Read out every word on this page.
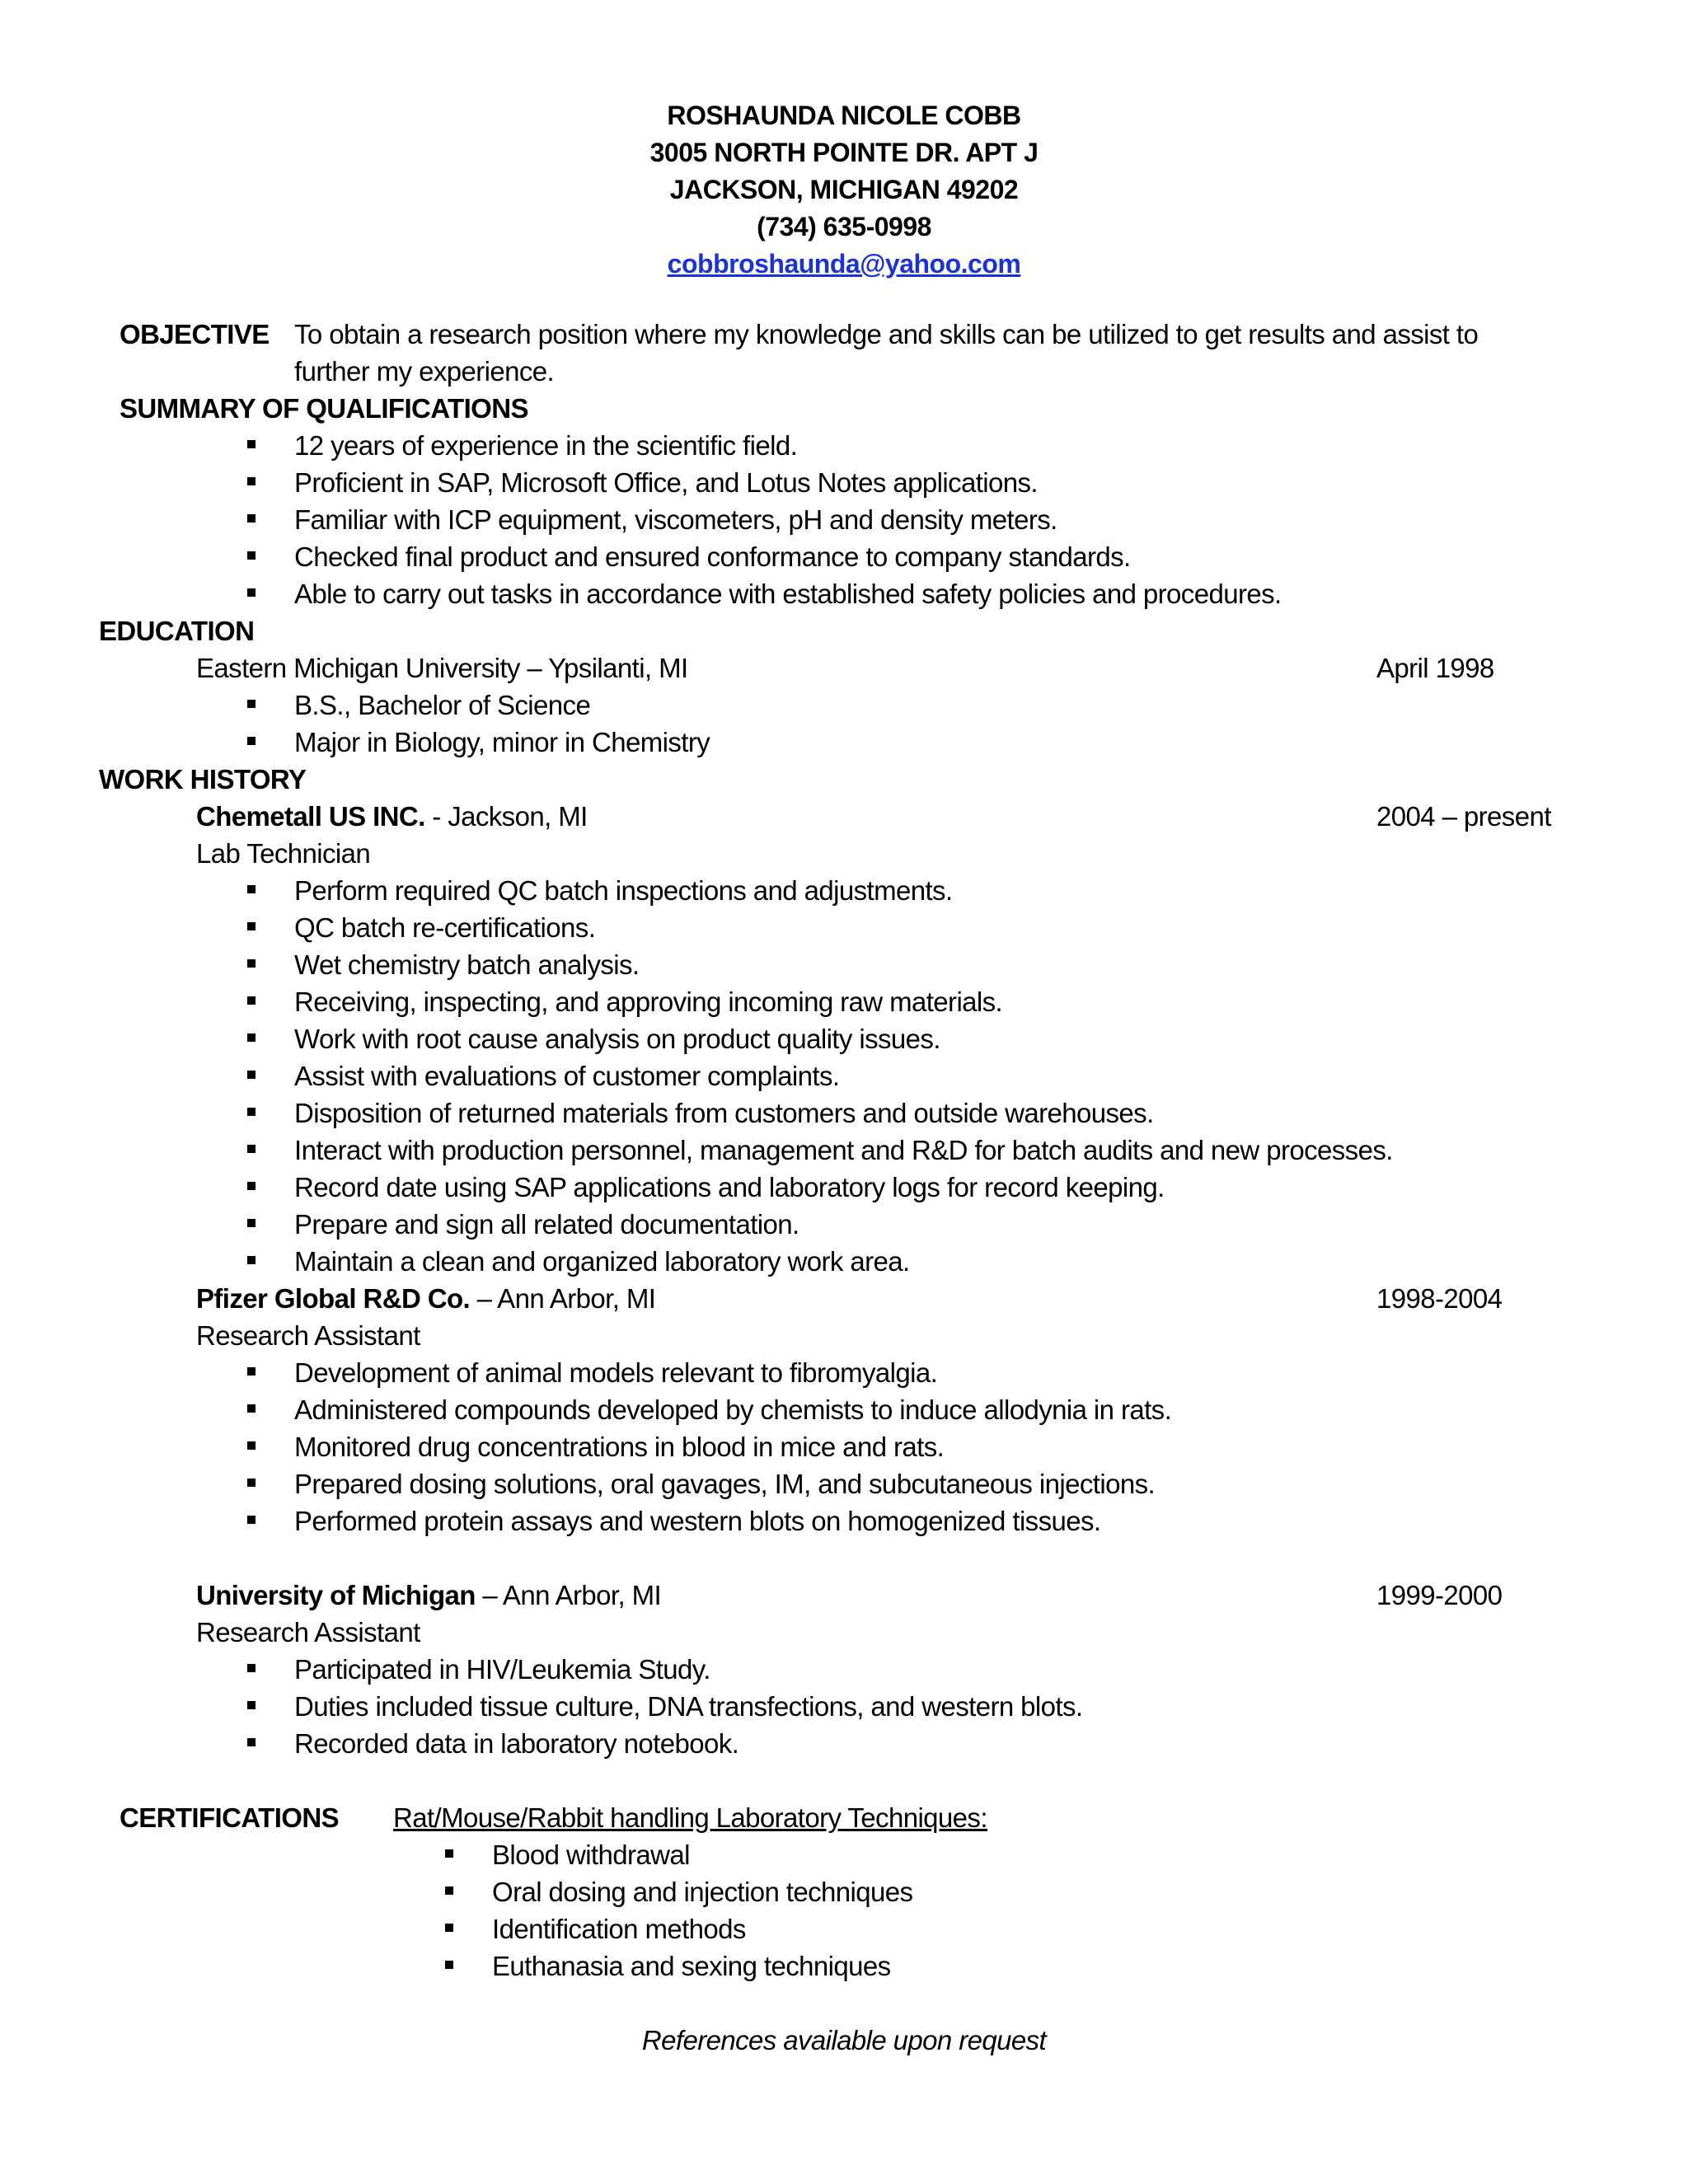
ROSHAUNDA NICOLE COBB
3005 NORTH POINTE DR. APT J
JACKSON, MICHIGAN 49202
(734) 635-0998
cobbroshaunda@yahoo.com
OBJECTIVE To obtain a research position where my knowledge and skills can be utilized to get results and assist to
further my experience.
SUMMARY OF QUALIFICATIONS
12 years of experience in the scientific field.
Proficient in SAP, Microsoft Office, and Lotus Notes applications.
Familiar with ICP equipment, viscometers, pH and density meters.
Checked final product and ensured conformance to company standards.
Able to carry out tasks in accordance with established safety policies and procedures.
EDUCATION
Eastern Michigan University – Ypsilanti, MI	April 1998
B.S., Bachelor of Science
Major in Biology, minor in Chemistry
WORK HISTORY
Chemetall US INC. - Jackson, MI	2004 – present
Lab Technician
Perform required QC batch inspections and adjustments.
QC batch re-certifications.
Wet chemistry batch analysis.
Receiving, inspecting, and approving incoming raw materials.
Work with root cause analysis on product quality issues.
Assist with evaluations of customer complaints.
Disposition of returned materials from customers and outside warehouses.
Interact with production personnel, management and R&D for batch audits and new processes.
Record date using SAP applications and laboratory logs for record keeping.
Prepare and sign all related documentation.
Maintain a clean and organized laboratory work area.
Pfizer Global R&D Co. – Ann Arbor, MI	1998-2004
Research Assistant
Development of animal models relevant to fibromyalgia.
Administered compounds developed by chemists to induce allodynia in rats.
Monitored drug concentrations in blood in mice and rats.
Prepared dosing solutions, oral gavages, IM, and subcutaneous injections.
Performed protein assays and western blots on homogenized tissues.
University of Michigan – Ann Arbor, MI	1999-2000
Research Assistant
Participated in HIV/Leukemia Study.
Duties included tissue culture, DNA transfections, and western blots.
Recorded data in laboratory notebook.
CERTIFICATIONS Rat/Mouse/Rabbit handling Laboratory Techniques:
Blood withdrawal
Oral dosing and injection techniques
Identification methods
Euthanasia and sexing techniques
References available upon request
